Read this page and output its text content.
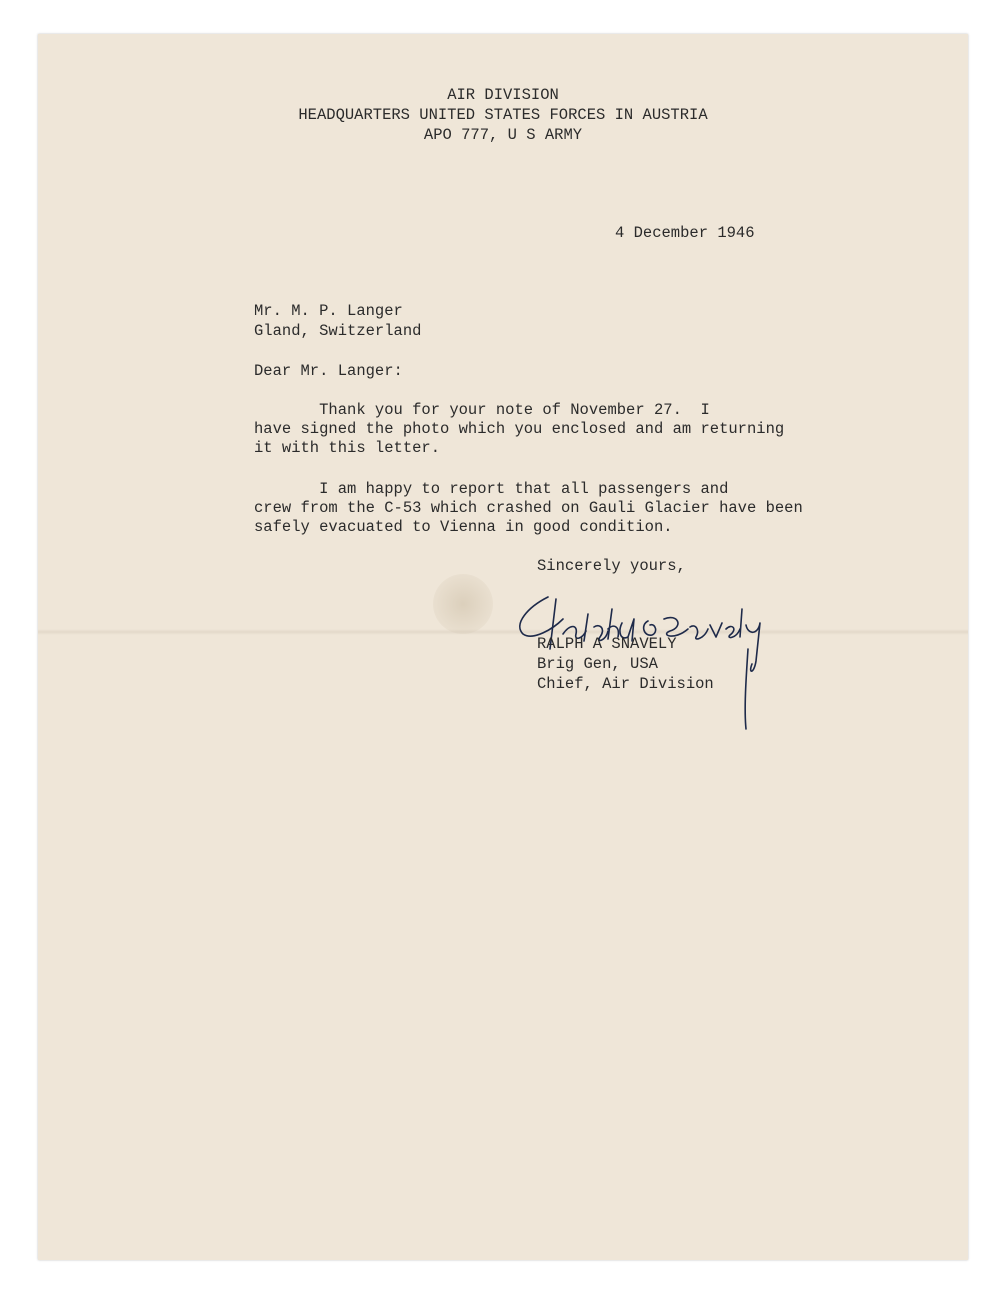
AIR DIVISION
HEADQUARTERS UNITED STATES FORCES IN AUSTRIA
APO 777, U S ARMY
4 December 1946
Mr. M. P. Langer
Gland, Switzerland
Dear Mr. Langer:
Thank you for your note of November 27.  I
have signed the photo which you enclosed and am returning
it with this letter.
I am happy to report that all passengers and
crew from the C-53 which crashed on Gauli Glacier have been
safely evacuated to Vienna in good condition.
Sincerely yours,
RALPH A SNAVELY
Brig Gen, USA
Chief, Air Division
